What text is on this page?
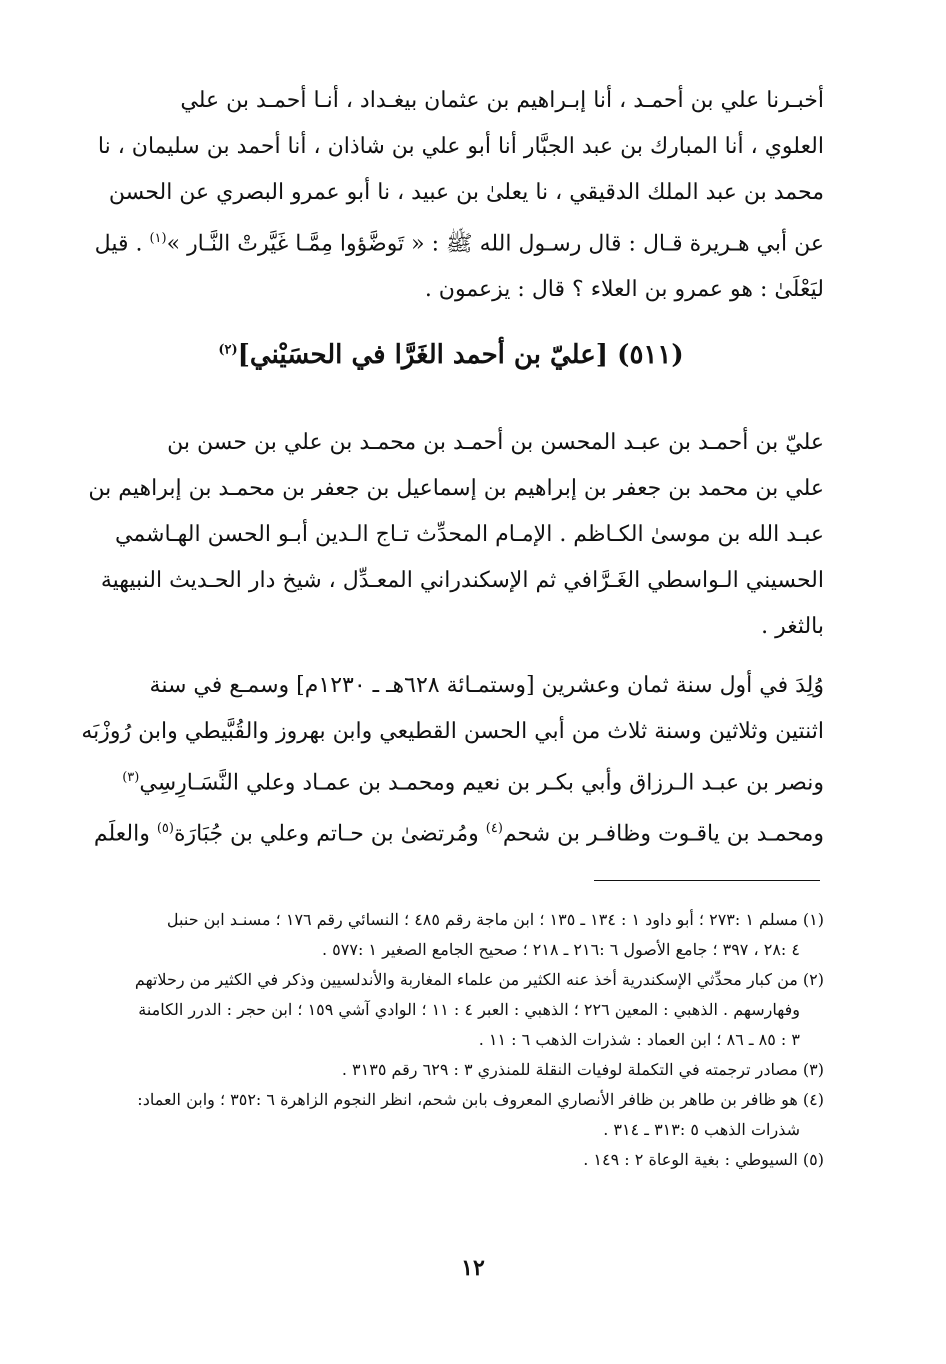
أخبـرنا علي بن أحمـد ، أنا إبـراهيم بن عثمان بيغـداد ، أنـا أحمـد بن علي
العلوي ، أنا المبارك بن عبد الجبَّار أنا أبو علي بن شاذان ، أنا أحمد بن سليمان ، نا
محمد بن عبد الملك الدقيقي ، نا يعلىٰ بن عبيد ، نا أبو عمرو البصري عن الحسن
عن أبي هـريرة قـال : قال رسـول الله ﷺ : « تَوضَّؤوا مِمَّـا غَيَّرتْ النَّـار »$^{(١)}$ . قيل
ليَعْلَىٰ : هو عمرو بن العلاء ؟ قال : يزعمون .
(٥١١) [عليّ بن أحمد الغَرَّا في الحسَيْني]$^{(٢)}$
عليّ بن أحمـد بن عبـد المحسن بن أحمـد بن محمـد بن علي بن حسن بن
علي بن محمد بن جعفر بن إبراهيم بن إسماعيل بن جعفر بن محمـد بن إبراهيم بن
عبـد الله بن موسىٰ الكـاظم . الإمـام المحدِّث تـاج الـدين أبـو الحسن الهـاشمي
الحسيني الـواسطي الغَـرَّافي ثم الإسكندراني المعـدِّل ، شيخ دار الحـديث النبيهية
بالثغر .
وُلِدَ في أول سنة ثمان وعشرين [وستمـائة ٦٢٨هـ ـ ١٢٣٠م] وسمـع في سنة
اثنتين وثلاثين وسنة ثلاث من أبي الحسن القطيعي وابن بهروز والقُبَّيطي وابن رُوزْبَه
ونصر بن عبـد الـرزاق وأبي بكـر بن نعيم ومحمـد بن عمـاد وعلي النَّسَـارِسِي$^{(٣)}$
ومحمـد بن ياقـوت وظافـر بن شحم$^{(٤)}$ ومُرتضىٰ بن حـاتم وعلي بن جُبَارَة$^{(٥)}$ والعلَم
(١) مسلم ١ :٢٧٣ ؛ أبو داود ١ : ١٣٤ ـ ١٣٥ ؛ ابن ماجة رقم ٤٨٥ ؛ النسائي رقم ١٧٦ ؛ مسنـد ابن حنبل
٤ :٢٨ ، ٣٩٧ ؛ جامع الأصول ٦ :٢١٦ ـ ٢١٨ ؛ صحيح الجامع الصغير ١ :٥٧٧ .
(٢) من كبار محدِّثي الإسكندرية أخذ عنه الكثير من علماء المغاربة والأندلسيين وذكر في الكثير من رحلاتهم
وفهارسهم . الذهبي : المعين ٢٢٦ ؛ الذهبي : العبر ٤ : ١١ ؛ الوادي آشي ١٥٩ ؛ ابن حجر : الدرر الكامنة
٣ : ٨٥ ـ ٨٦ ؛ ابن العماد : شذرات الذهب ٦ : ١١ .
(٣) مصادر ترجمته في التكملة لوفيات النقلة للمنذري ٣ : ٦٢٩ رقم ٣١٣٥ .
(٤) هو ظافر بن طاهر بن ظافر الأنصاري المعروف بابن شحم، انظر النجوم الزاهرة ٦ :٣٥٢ ؛ وابن العماد:
شذرات الذهب ٥ :٣١٣ ـ ٣١٤ .
(٥) السيوطي : بغية الوعاة ٢ : ١٤٩ .
١٢
